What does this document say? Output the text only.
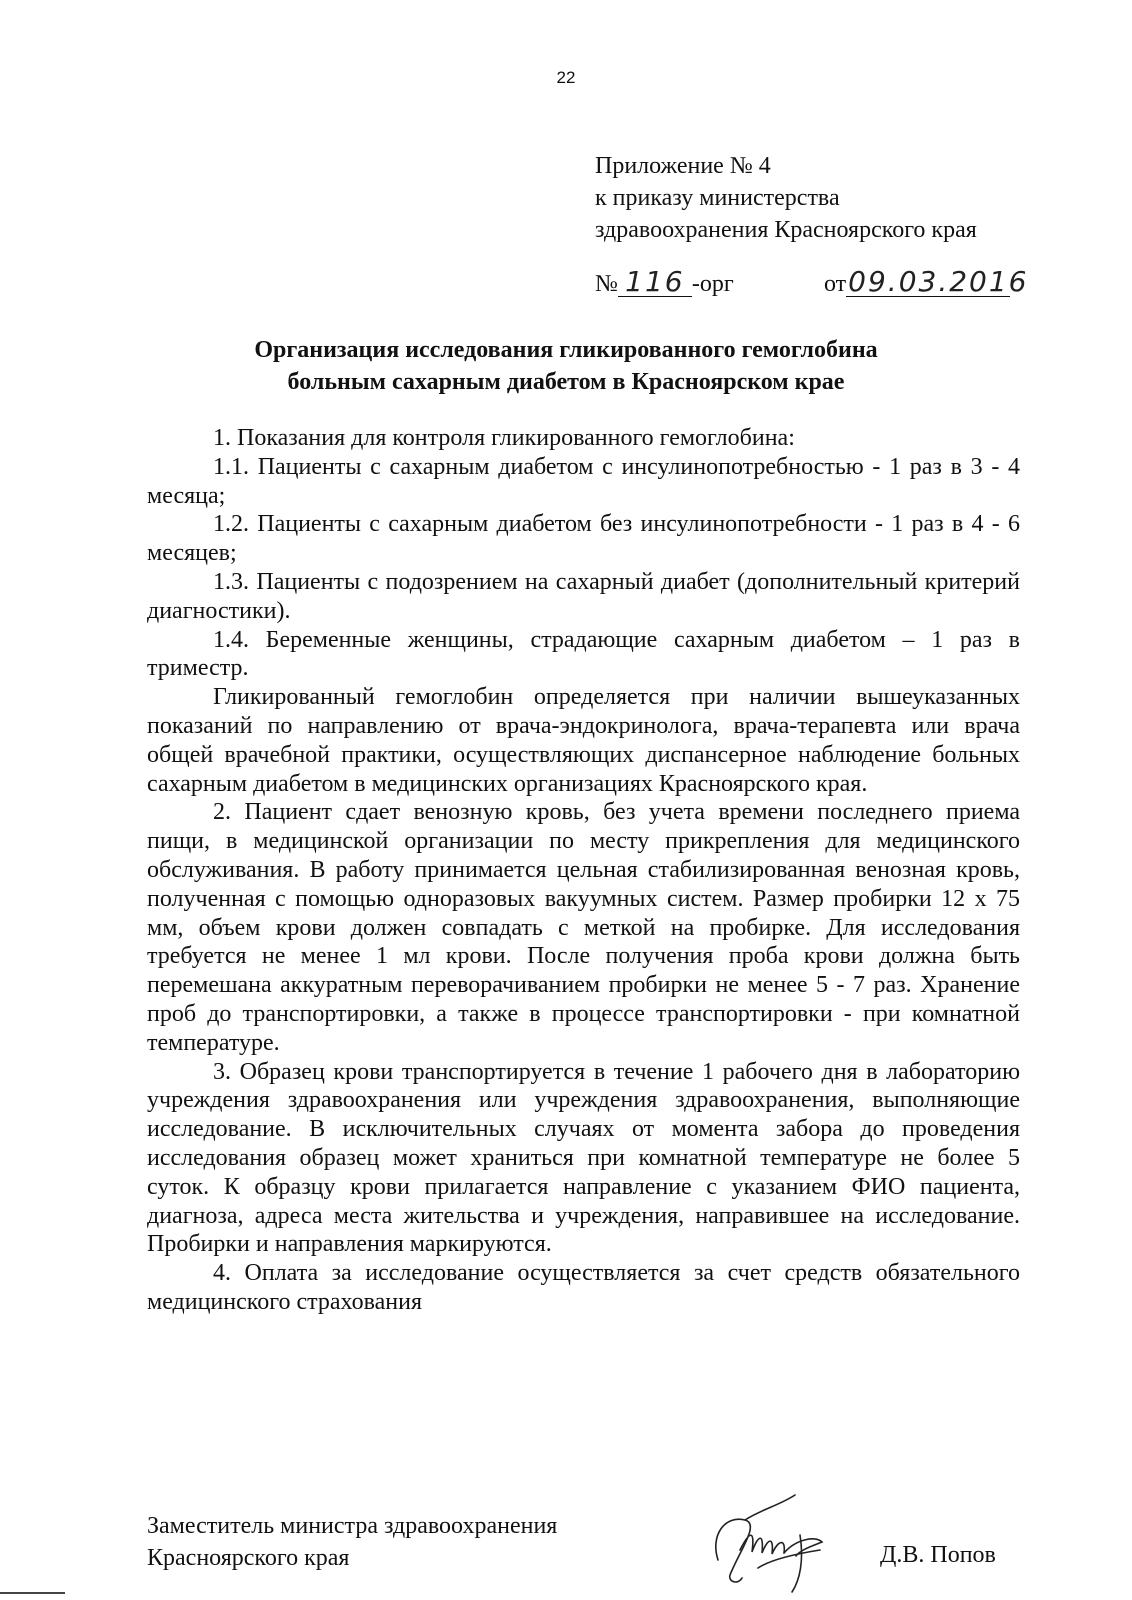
22
Приложение № 4
к приказу министерства
здравоохранения Красноярского края
№ 116 -орг	от09.03.2016
Организация исследования гликированного гемоглобина
больным сахарным диабетом в Красноярском крае

1. Показания для контроля гликированного гемоглобина:

1.1. Пациенты с сахарным диабетом с инсулинопотребностью - 1 раз в 3 - 4 месяца;

1.2. Пациенты с сахарным диабетом без инсулинопотребности - 1 раз в 4 - 6 месяцев;

1.3. Пациенты с подозрением на сахарный диабет (дополнительный критерий диагностики).

1.4. Беременные женщины, страдающие сахарным диабетом – 1 раз в триместр.

Гликированный гемоглобин определяется при наличии вышеуказанных показаний по направлению от врача-эндокринолога, врача-терапевта или врача общей врачебной практики, осуществляющих диспансерное наблюдение больных сахарным диабетом в медицинских организациях Красноярского края.

2. Пациент сдает венозную кровь, без учета времени последнего приема пищи, в медицинской организации по месту прикрепления для медицинского обслуживания. В работу принимается цельная стабилизированная венозная кровь, полученная с помощью одноразовых вакуумных систем. Размер пробирки 12 х 75 мм, объем крови должен совпадать с меткой на пробирке. Для исследования требуется не менее 1 мл крови. После получения проба крови должна быть перемешана аккуратным переворачиванием пробирки не менее 5 - 7 раз. Хранение проб до транспортировки, а также в процессе транспортировки - при комнатной температуре.

3. Образец крови транспортируется в течение 1 рабочего дня в лабораторию учреждения здравоохранения или учреждения здравоохранения, выполняющие исследование. В исключительных случаях от момента забора до проведения исследования образец может храниться при комнатной температуре не более 5 суток. К образцу крови прилагается направление с указанием ФИО пациента, диагноза, адреса места жительства и учреждения, направившее на исследование. Пробирки и направления маркируются.

4. Оплата за исследование осуществляется за счет средств обязательного медицинского страхования

Заместитель министра здравоохранения
Красноярского края	Д.В. Попов
